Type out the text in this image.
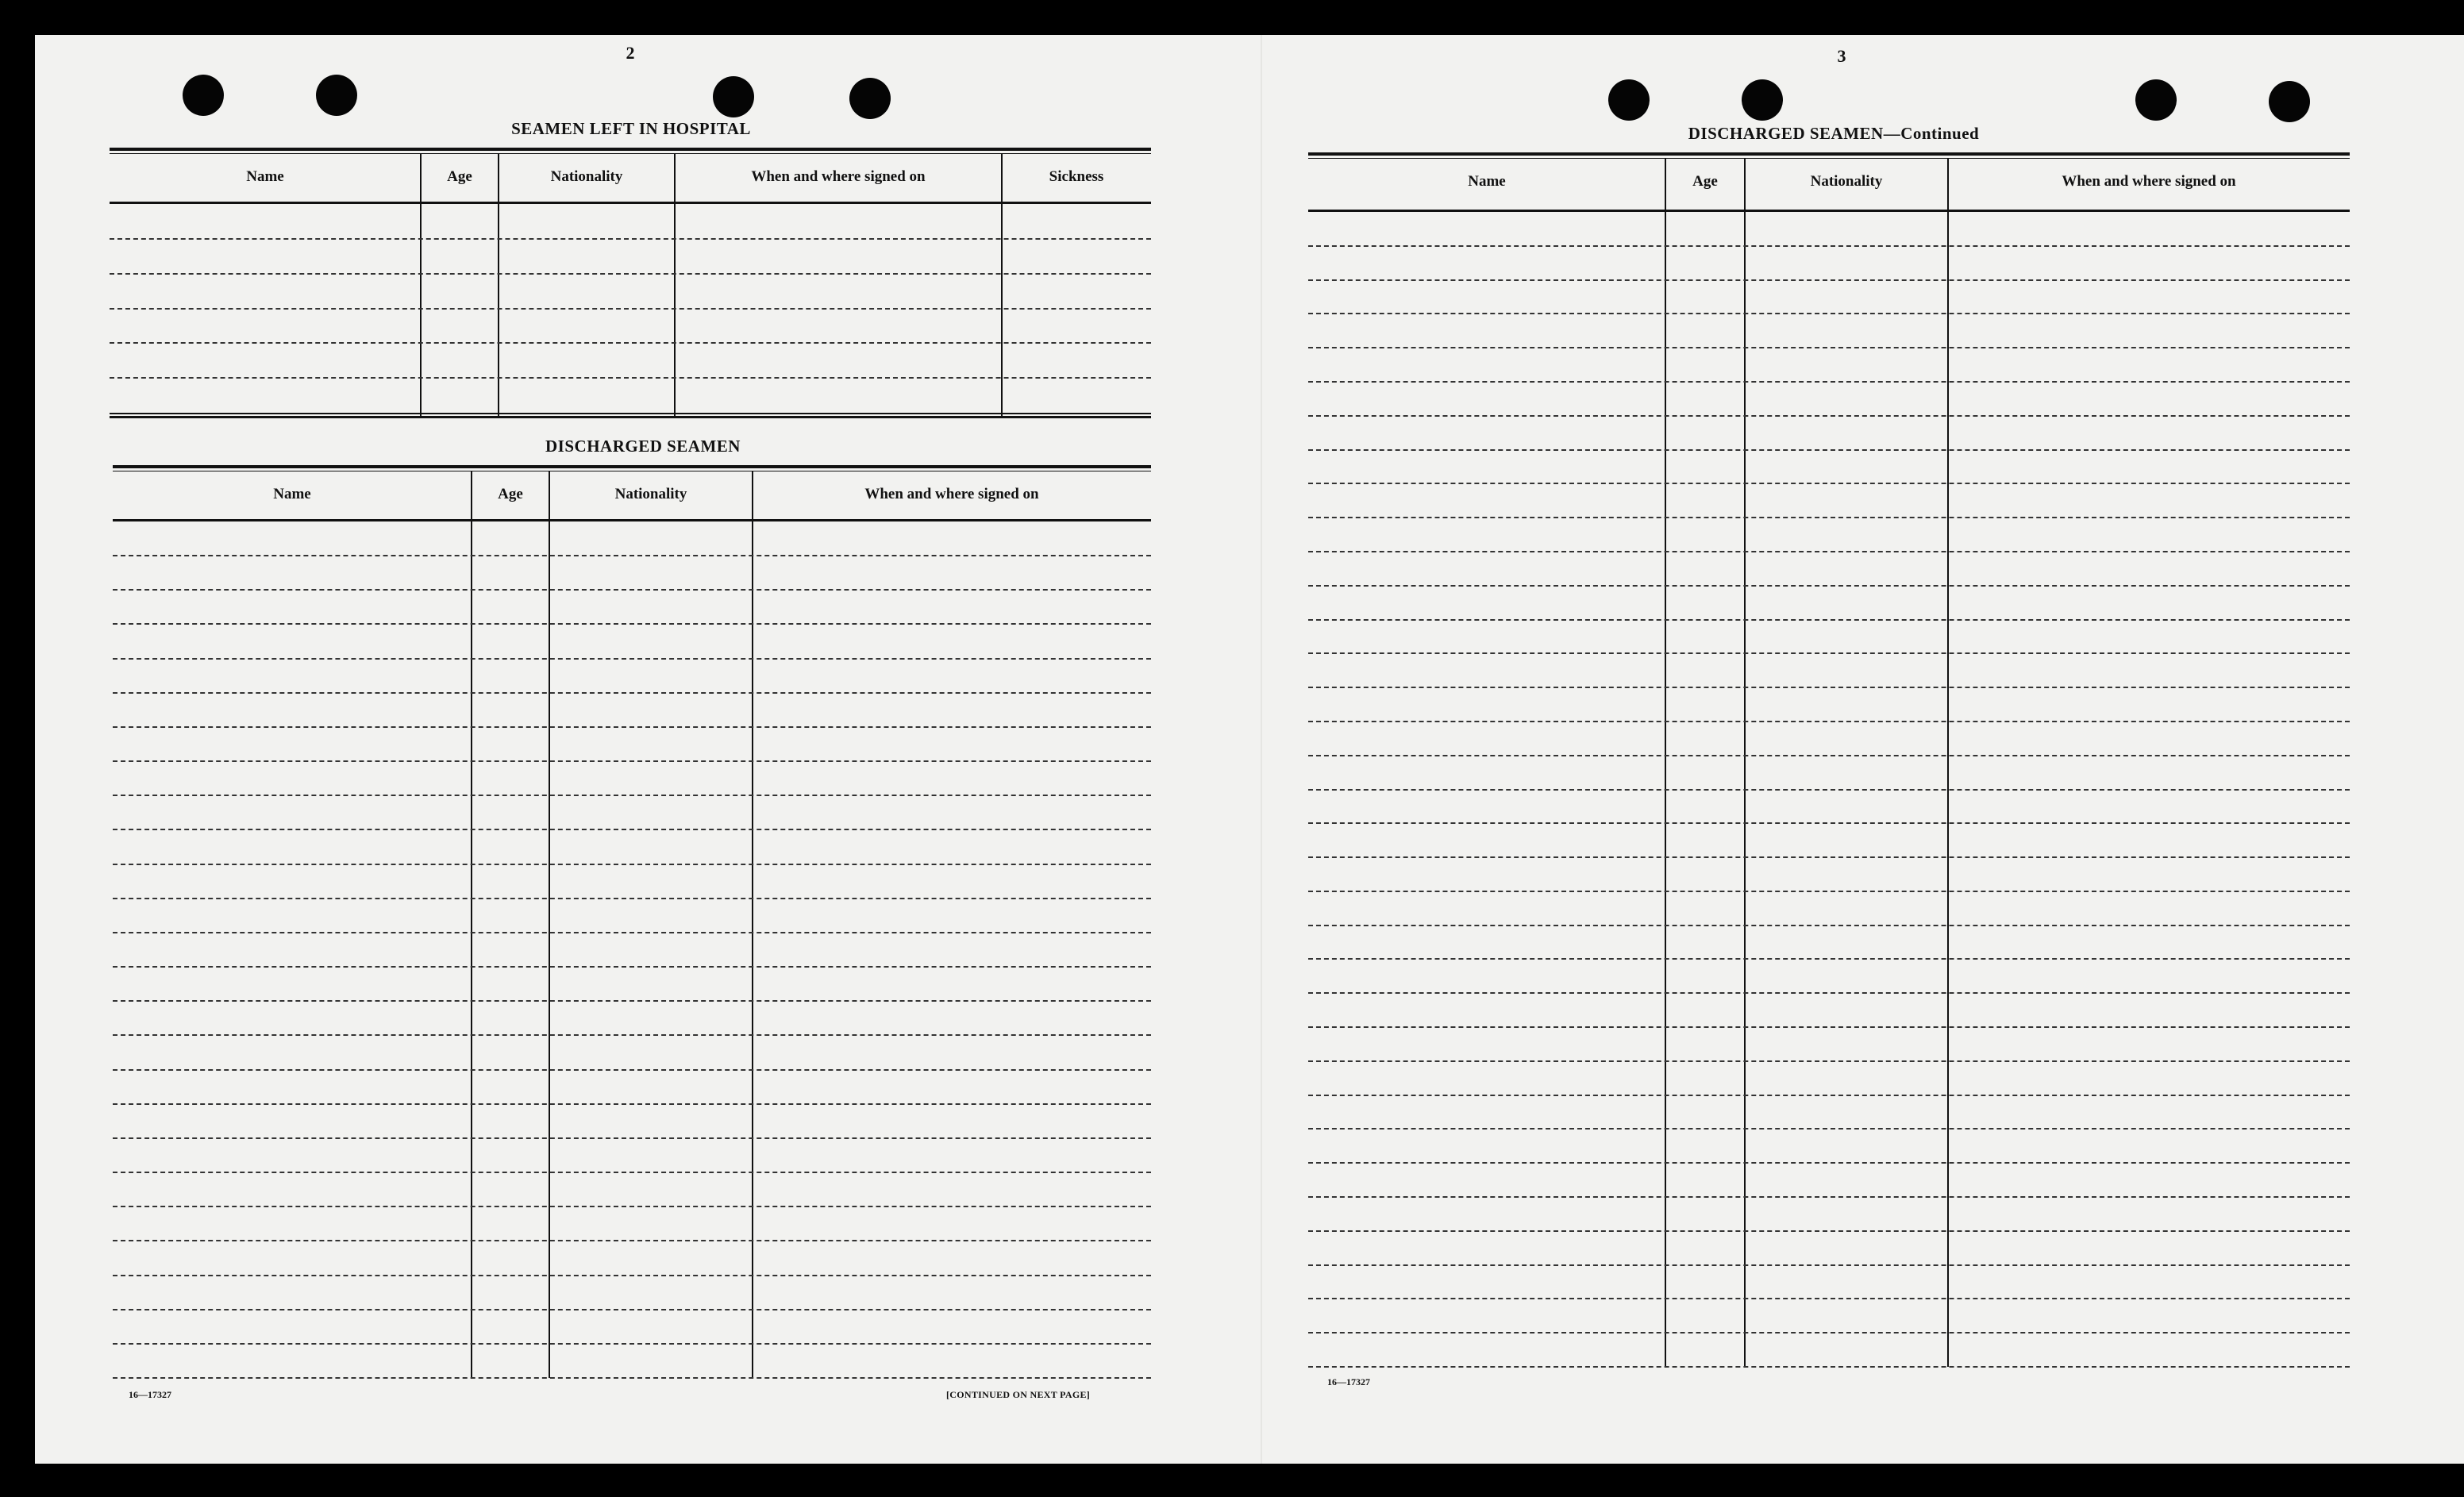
2
SEAMEN LEFT IN HOSPITAL
Name	Age	Nationality	When and where signed on	Sickness
DISCHARGED SEAMEN
Name	Age	Nationality	When and where signed on
16—17327	[CONTINUED ON NEXT PAGE]
3
DISCHARGED SEAMEN—Continued
Name	Age	Nationality	When and where signed on
16—17327
